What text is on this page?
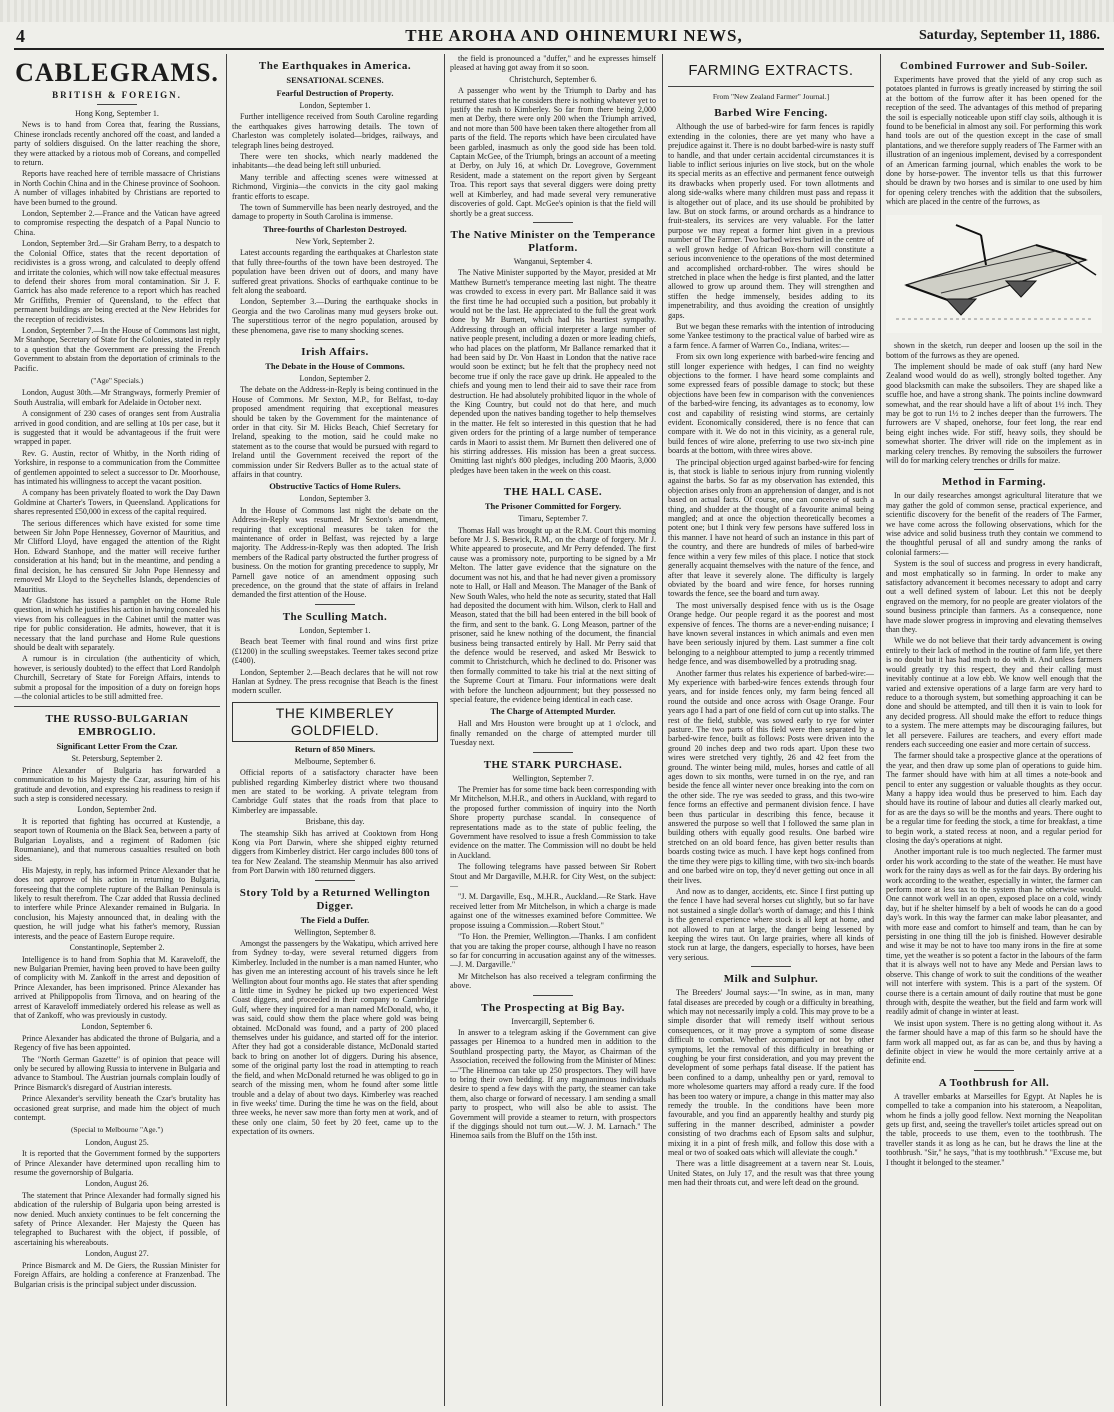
4	THE AROHA AND OHINEMURI NEWS,	Saturday, September 11, 1886.
CABLEGRAMS.
BRITISH & FOREIGN.

Hong Kong, September 1.

News is to hand from Corea that, fearing the Russians, Chinese ironclads recently anchored off the coast, and landed a party of soldiers disguised. On the latter reaching the shore, they were attacked by a riotous mob of Coreans, and compelled to return.

Reports have reached here of terrible massacre of Christians in North Cochin China and in the Chinese province of Soohoon. A number of villages inhabited by Christians are reported to have been burned to the ground.

London, September 2.—France and the Vatican have agreed to compromise respecting the despatch of a Papal Nuncio to China.

London, September 3rd.—Sir Graham Berry, to a despatch to the Colonial Office, states that the recent deportation of recidivistes is a gross wrong, and calculated to deeply offend and irritate the colonies, which will now take effectual measures to defend their shores from moral contamination. Sir J. F. Garrick has also made reference to a report which has reached Mr Griffiths, Premier of Queensland, to the effect that permanent buildings are being erected at the New Hebrides for the reception of recidivistes.

London, September 7.—In the House of Commons last night, Mr Stanhope, Secretary of State for the Colonies, stated in reply to a question that the Government are pressing the French Government to abstain from the deportation of criminals to the Pacific.

("Age" Specials.)

London, August 30th.—Mr Strangways, formerly Premier of South Australia, will embark for Adelaide in October next.

A consignment of 230 cases of oranges sent from Australia arrived in good condition, and are selling at 10s per case, but it is suggested that it would be advantageous if the fruit were wrapped in paper.

Rev. G. Austin, rector of Whitby, in the North riding of Yorkshire, in response to a communication from the Committee of gentlemen appointed to select a successor to Dr. Moorhouse, has intimated his willingness to accept the vacant position.

A company has been privately floated to work the Day Dawn Goldmine at Charter's Towers, in Queensland. Applications for shares represented £50,000 in excess of the capital required.

The serious differences which have existed for some time between Sir John Pope Hennessey, Governor of Mauritius, and Mr Clifford Lloyd, have engaged the attention of the Right Hon. Edward Stanhope, and the matter will receive further consideration at his hand; but in the meantime, and pending a final decision, he has censured Sir John Pope Hennessy and removed Mr Lloyd to the Seychelles Islands, dependencies of Mauritius.

Mr Gladstone has issued a pamphlet on the Home Rule question, in which he justifies his action in having concealed his views from his colleagues in the Cabinet until the matter was ripe for public consideration. He admits, however, that it is necessary that the land purchase and Home Rule questions should be dealt with separately.

A rumour is in circulation (the authenticity of which, however, is seriously doubted) to the effect that Lord Randolph Churchill, Secretary of State for Foreign Affairs, intends to submit a proposal for the imposition of a duty on foreign hops—the colonial articles to be still admitted free.

THE RUSSO-BULGARIAN EMBROGLIO.
Significant Letter From the Czar.

St. Petersburg, September 2.

Prince Alexander of Bulgaria has forwarded a communication to his Majesty the Czar, assuring him of his gratitude and devotion, and expressing his readiness to resign if such a step is considered necessary.

London, September 2nd.

It is reported that fighting has occurred at Kustendje, a seaport town of Roumenia on the Black Sea, between a party of Bulgarian Loyalists, and a regiment of Radomen (sic Roumaniane), and that numerous casualties resulted on both sides.

His Majesty, in reply, has informed Prince Alexander that he does not approve of his action in returning to Bulgaria, foreseeing that the complete rupture of the Balkan Peninsula is likely to result therefrom. The Czar added that Russia declined to interfere while Prince Alexander remained in Bulgaria. In conclusion, his Majesty announced that, in dealing with the question, he will judge what his father's memory, Russian interests, and the peace of Eastern Europe require.

Constantinople, September 2.

Intelligence is to hand from Sophia that M. Karaveloff, the new Bulgarian Premier, having been proved to have been guilty of complicity with M. Zankoff in the arrest and deposition of Prince Alexander, has been imprisoned. Prince Alexander has arrived at Philippopolis from Tirnova, and on hearing of the arrest of Karaveloff immediately ordered his release as well as that of Zankoff, who was previously in custody.

London, September 6.

Prince Alexander has abdicated the throne of Bulgaria, and a Regency of five has been appointed.

The "North German Gazette" is of opinion that peace will only be secured by allowing Russia to intervene in Bulgaria and advance to Stamboul. The Austrian journals complain loudly of Prince Bismarck's disregard of Austrian interests.

Prince Alexander's servility beneath the Czar's brutality has occasioned great surprise, and made him the object of much contempt.

(Special to Melbourne "Age.")

London, August 25.

It is reported that the Government formed by the supporters of Prince Alexander have determined upon recalling him to resume the governorship of Bulgaria.

London, August 26.

The statement that Prince Alexander had formally signed his abdication of the rulership of Bulgaria upon being arrested is now denied. Much anxiety continues to be felt concerning the safety of Prince Alexander. Her Majesty the Queen has telegraphed to Bucharest with the object, if possible, of ascertaining his whereabouts.

London, August 27.

Prince Bismarck and M. De Giers, the Russian Minister for Foreign Affairs, are holding a conference at Franzenbad. The Bulgarian crisis is the principal subject under discussion.

The Earthquakes in America.
SENSATIONAL SCENES.
Fearful Destruction of Property.

London, September 1.

Further intelligence received from South Caroline regarding the earthquakes gives harrowing details. The town of Charleston was completely isolated—bridges, railways, and telegraph lines being destroyed.

There were ten shocks, which nearly maddened the inhabitants—the dead being left still unburied.

Many terrible and affecting scenes were witnessed at Richmond, Virginia—the convicts in the city gaol making frantic efforts to escape.

The town of Summerville has been nearly destroyed, and the damage to property in South Carolina is immense.

Three-fourths of Charleston Destroyed.

New York, September 2.

Latest accounts regarding the earthquakes at Charleston state that fully three-fourths of the town have been destroyed. The population have been driven out of doors, and many have suffered great privations. Shocks of earthquake continue to be felt along the seaboard.

London, September 3.—During the earthquake shocks in Georgia and the two Carolinas many mud geysers broke out. The superstitious terror of the negro population, aroused by these phenomena, gave rise to many shocking scenes.

Irish Affairs.
The Debate in the House of Commons.

London, September 2.

The debate on the Address-in-Reply is being continued in the House of Commons. Mr Sexton, M.P., for Belfast, to-day proposed amendment requiring that exceptional measures should be taken by the Government for the maintenance of order in that city. Sir M. Hicks Beach, Chief Secretary for Ireland, speaking to the motion, said he could make no statement as to the course that would be pursued with regard to Ireland until the Government received the report of the commission under Sir Redvers Buller as to the actual state of affairs in that country.

Obstructive Tactics of Home Rulers.

London, September 3.

In the House of Commons last night the debate on the Address-in-Reply was resumed. Mr Sexton's amendment, requiring that exceptional measures be taken for the maintenance of order in Belfast, was rejected by a large majority. The Address-in-Reply was then adopted. The Irish members of the Radical party obstructed the further progress of business. On the motion for granting precedence to supply, Mr Parnell gave notice of an amendment opposing such precedence, on the ground that the state of affairs in Ireland demanded the first attention of the House.

The Sculling Match.

London, September 1.

Beach beat Teemer with final round and wins first prize (£1200) in the sculling sweepstakes. Teemer takes second prize (£400).

London, September 2.—Beach declares that he will not row Hanlan at Sydney. The press recognise that Beach is the finest modern sculler.

THE KIMBERLEY GOLDFIELD.
Return of 850 Miners.

Melbourne, September 6.

Official reports of a satisfactory character have been published regarding Kimberley district where two thousand men are stated to be working. A private telegram from Cambridge Gulf states that the roads from that place to Kimberley are impassable.

Brisbane, this day.

The steamship Sikh has arrived at Cooktown from Hong Kong via Port Darwin, where she shipped eighty returned diggers from Kimberley district. Her cargo includes 800 tons of tea for New Zealand. The steamship Menmuir has also arrived from Port Darwin with 180 returned diggers.

Story Told by a Returned Wellington Digger.
The Field a Duffer.

Wellington, September 8.

Amongst the passengers by the Wakatipu, which arrived here from Sydney to-day, were several returned diggers from Kimberley. Included in the number is a man named Hunter, who has given me an interesting account of his travels since he left Wellington about four months ago. He states that after spending a little time in Sydney he picked up two experienced West Coast diggers, and proceeded in their company to Cambridge Gulf, where they inquired for a man named McDonald, who, it was said, could show them the place where gold was being obtained. McDonald was found, and a party of 200 placed themselves under his guidance, and started off for the interior. After they had got a considerable distance, McDonald started back to bring on another lot of diggers. During his absence, some of the original party lost the road in attempting to reach the field, and when McDonald returned he was obliged to go in search of the missing men, whom he found after some little trouble and a delay of about two days. Kimberley was reached in five weeks' time. During the time he was on the field, about three weeks, he never saw more than forty men at work, and of these only one claim, 50 feet by 20 feet, came up to the expectation of its owners.

the field is pronounced a "duffer," and he expresses himself pleased at having got away from it so soon.

Christchurch, September 6.

A passenger who went by the Triumph to Darby and has returned states that he considers there is nothing whatever yet to justify the rush to Kimberley. So far from there being 2,000 men at Derby, there were only 200 when the Triumph arrived, and not more than 500 have been taken there altogether from all parts of the field. The reports which have been circulated have been garbled, inasmuch as only the good side has been told. Captain McGee, of the Triumph, brings an account of a meeting at Derby, on July 16, at which Dr. Lovegrove, Government Resident, made a statement on the report given by Sergeant Troa. This report says that several diggers were doing pretty well at Kimberley, and had made several very remunerative discoveries of gold. Capt. McGee's opinion is that the field will shortly be a great success.

The Native Minister on the Temperance Platform.

Wanganui, September 4.

The Native Minister supported by the Mayor, presided at Mr Matthew Burnett's temperance meeting last night. The theatre was crowded to excess in every part. Mr Ballance said it was the first time he had occupied such a position, but probably it would not be the last. He appreciated to the full the great work done by Mr Burnett, which had his heartiest sympathy. Addressing through an official interpreter a large number of native people present, including a dozen or more leading chiefs, who had places on the platform, Mr Ballance remarked that it had been said by Dr. Von Haast in London that the native race would soon be extinct; but he felt that the prophecy need not become true if only the race gave up drink. He appealed to the chiefs and young men to lend their aid to save their race from destruction. He had absolutely prohibited liquor in the whole of the King Country, but could not do that here, and much depended upon the natives banding together to help themselves in the matter. He felt so interested in this question that he had given orders for the printing of a large number of temperance cards in Maori to assist them. Mr Burnett then delivered one of his stirring addresses. His mission has been a great success. Omitting last night's 800 pledges, including 200 Maoris, 3,000 pledges have been taken in the week on this coast.

THE HALL CASE.
The Prisoner Committed for Forgery.

Timaru, September 7.

Thomas Hall was brought up at the R.M. Court this morning before Mr J. S. Beswick, R.M., on the charge of forgery. Mr J. White appeared to prosecute, and Mr Perry defended. The first cause was a promissory note, purporting to be signed by a Mr Melton. The latter gave evidence that the signature on the document was not his, and that he had never given a promissory note to Hall, or Hall and Meason. The Manager of the Bank of New South Wales, who held the note as security, stated that Hall had deposited the document with him. Wilson, clerk to Hall and Meason, stated that the bill had been entered in the bill book of the firm, and sent to the bank. G. Long Meason, partner of the prisoner, said he knew nothing of the document, the financial business being transacted entirely by Hall. Mr Perry said that the defence would be reserved, and asked Mr Beswick to commit to Christchurch, which he declined to do. Prisoner was then formally committed to take his trial at the next sitting of the Supreme Court at Timaru. Four informations were dealt with before the luncheon adjournment; but they possessed no special feature, the evidence being identical in each case.

The Charge of Attempted Murder.

Hall and Mrs Houston were brought up at 1 o'clock, and finally remanded on the charge of attempted murder till Tuesday next.

THE STARK PURCHASE.

Wellington, September 7.

The Premier has for some time back been corresponding with Mr Mitchelson, M.H.R., and others in Auckland, with regard to the proposed further commission of inquiry into the North Shore property purchase scandal. In consequence of representations made as to the state of public feeling, the Government have resolved to issue a fresh Commission to take evidence on the matter. The Commission will no doubt be held in Auckland.

The following telegrams have passed between Sir Robert Stout and Mr Dargaville, M.H.R. for City West, on the subject:—

"J. M. Dargaville, Esq., M.H.R., Auckland.—Re Stark. Have received letter from Mr Mitchelson, in which a charge is made against one of the witnesses examined before Committee. We propose issuing a Commission.—Robert Stout."

"To Hon. the Premier, Wellington.—Thanks. I am confident that you are taking the proper course, although I have no reason so far for concurring in accusation against any of the witnesses.—J. M. Dargaville."

Mr Mitchelson has also received a telegram confirming the above.

The Prospecting at Big Bay.

Invercargill, September 6.

In answer to a telegram asking if the Government can give passages per Hinemoa to a hundred men in addition to the Southland prospecting party, the Mayor, as Chairman of the Association, received the following from the Minister of Mines:—"The Hinemoa can take up 250 prospectors. They will have to bring their own bedding. If any magnanimous individuals desire to spend a few days with the party, the steamer can take them, also charge or forward of necessary. I am sending a small party to prospect, who will also be able to assist. The Government will provide a steamer to return, with prospectors if the diggings should not turn out.—W. J. M. Larnach." The Hinemoa sails from the Bluff on the 15th inst.

FARMING EXTRACTS.

From "New Zealand Farmer" Journal.]

Barbed Wire Fencing.

Although the use of barbed-wire for farm fences is rapidly extending in the colonies, there are yet many who have a prejudice against it. There is no doubt barbed-wire is nasty stuff to handle, and that under certain accidental circumstances it is liable to inflict serious injuries on live stock, but on the whole its special merits as an effective and permanent fence outweigh its drawbacks when properly used. For town allotments and along side-walks where many children must pass and repass it is altogether out of place, and its use should be prohibited by law. But on stock farms, or around orchards as a hindrance to fruit-stealers, its services are very valuable. For the latter purpose we may repeat a former hint given in a previous number of The Farmer. Two barbed wires buried in the centre of a well grown hedge of African Box-thorn will constitute a serious inconvenience to the operations of the most determined and accomplished orchard-robber. The wires should be stretched in place when the hedge is first planted, and the latter allowed to grow up around them. They will strengthen and stiffen the hedge immensely, besides adding to its impenetrability, and thus avoiding the creation of unsightly gaps.

But we began these remarks with the intention of introducing some Yankee testimony to the practical value of barbed wire as a farm fence. A farmer of Warren Co., Indiana, writes:—

From six own long experience with barbed-wire fencing and still longer experience with hedges, I can find no weighty objections to the former. I have heard some complaints and some expressed fears of possible damage to stock; but these objections have been few in comparison with the conveniences of the barbed-wire fencing, its advantages as to economy, low cost and capability of resisting wind storms, are certainly evident. Economically considered, there is no fence that can compare with it. We do not in this vicinity, as a general rule, build fences of wire alone, preferring to use two six-inch pine boards at the bottom, with three wires above.

The principal objection urged against barbed-wire for fencing is, that stock is liable to serious injury from running violently against the barbs. So far as my observation has extended, this objection arises only from an apprehension of danger, and is not based on actual facts. Of course, one can conceive of such a thing, and shudder at the thought of a favourite animal being mangled; and at once the objection theoretically becomes a potent one; but I think very few persons have suffered loss in this manner. I have not heard of such an instance in this part of the country, and there are hundreds of miles of barbed-wire fence within a very few miles of this place. I notice that stock generally acquaint themselves with the nature of the fence, and after that leave it severely alone. The difficulty is largely obviated by the board and wire fence, for horses running towards the fence, see the board and turn away.

The most universally despised fence with us is the Osage Orange hedge. Our people regard it as the poorest and most expensive of fences. The thorns are a never-ending nuisance; I have known several instances in which animals and even men have been seriously injured by them. Last summer a fine colt belonging to a neighbour attempted to jump a recently trimmed hedge fence, and was disembowelled by a protruding snag.

Another farmer thus relates his experience of barbed-wire:—My experience with barbed-wire fences extends through four years, and for inside fences only, my farm being fenced all round the outside and once across with Osage Orange. Four years ago I had a part of one field of corn cut up into stalks. The rest of the field, stubble, was sowed early to rye for winter pasture. The two parts of this field were then separated by a barbed-wire fence, built as follows: Posts were driven into the ground 20 inches deep and two rods apart. Upon these two wires were stretched very tightly, 26 and 42 feet from the ground. The winter being mild, mules, horses and cattle of all ages down to six months, were turned in on the rye, and ran beside the fence all winter never once breaking into the corn on the other side. The rye was seeded to grass, and this two-wire fence forms an effective and permanent division fence. I have been thus particular in describing this fence, because it answered the purpose so well that I followed the same plan in building others with equally good results. One barbed wire stretched on an old board fence, has given better results than boards costing twice as much. I have kept hogs confined from the time they were pigs to killing time, with two six-inch boards and one barbed wire on top, they'd never getting out once in all their lives.

And now as to danger, accidents, etc. Since I first putting up the fence I have had several horses cut slightly, but so far have not sustained a single dollar's worth of damage; and this I think is the general experience where stock is all kept at home, and not allowed to run at large, the danger being lessened by keeping the wires taut. On large prairies, where all kinds of stock run at large, the dangers, especially to horses, have been very serious.

Milk and Sulphur.

The Breeders' Journal says:—"In swine, as in man, many fatal diseases are preceded by cough or a difficulty in breathing, which may not necessarily imply a cold. This may prove to be a simple disorder that will remedy itself without serious consequences, or it may prove a symptom of some disease difficult to combat. Whether accompanied or not by other symptoms, let the removal of this difficulty in breathing or coughing be your first consideration, and you may prevent the development of some perhaps fatal disease. If the patient has been confined to a damp, unhealthy pen or yard, removal to more wholesome quarters may afford a ready cure. If the food has been too watery or impure, a change in this matter may also remedy the trouble. In the conditions have been more favourable, and you find an apparently healthy and sturdy pig suffering in the manner described, administer a powder consisting of two drachms each of Epsom salts and sulphur, mixing it in a pint of fresh milk, and follow this dose with a meal or two of soaked oats which will alleviate the cough."

There was a little disagreement at a tavern near St. Louis, United States, on July 17, and the result was that three young men had their throats cut, and were left dead on the ground.

Combined Furrower and Sub-Soiler.

Experiments have proved that the yield of any crop such as potatoes planted in furrows is greatly increased by stirring the soil at the bottom of the furrow after it has been opened for the reception of the seed. The advantages of this method of preparing the soil is especially noticeable upon stiff clay soils, although it is found to be beneficial in almost any soil. For performing this work hand tools are out of the question except in the case of small plantations, and we therefore supply readers of The Farmer with an illustration of an ingenious implement, devised by a correspondent of an American farming journal, which enables the work to be done by horse-power. The inventor tells us that this furrower should be drawn by two horses and is similar to one used by him for opening celery trenches with the addition that the subsoilers, which are placed in the centre of the furrows, as

shown in the sketch, run deeper and loosen up the soil in the bottom of the furrows as they are opened.

The implement should be made of oak stuff (any hard New Zealand wood would do as well), strongly bolted together. Any good blacksmith can make the subsoilers. They are shaped like a scuffle hoe, and have a strong shank. The points incline downward somewhat, and the rear should have a lift of about 1½ inch. They may be got to run 1½ to 2 inches deeper than the furrowers. The furrowers are V shaped, onehorse, four feet long, the rear end being eight inches wide. For stiff, heavy soils, they should be somewhat shorter. The driver will ride on the implement as in marking celery trenches. By removing the subsoilers the furrower will do for marking celery trenches or drills for maize.

Method in Farming.

In our daily researches amongst agricultural literature that we may gather the gold of common sense, practical experience, and scientific discovery for the benefit of the readers of The Farmer, we have come across the following observations, which for the wise advice and solid business truth they contain we commend to the thoughtful perusal of all and sundry among the ranks of colonial farmers:—

System is the soul of success and progress in every handicraft, and most emphatically so in farming. In order to make any satisfactory advancement it becomes necessary to adopt and carry out a well defined system of labour. Let this not be deeply engraved on the memory, for no people are greater violators of the sound business principle than farmers. As a consequence, none have made slower progress in improving and elevating themselves than they.

While we do not believe that their tardy advancement is owing entirely to their lack of method in the routine of farm life, yet there is no doubt but it has had much to do with it. And unless farmers would greatly try this respect, they and their calling must inevitably continue at a low ebb. We know well enough that the varied and extensive operations of a large farm are very hard to reduce to a thorough system, but something approaching it can be done and should be attempted, and till then it is vain to look for any decided progress. All should make the effort to reduce things to a system. The mere attempts may be discouraging failures, but let all persevere. Failures are teachers, and every effort made renders each succeeding one easier and more certain of success.

The farmer should take a prospective glance at the operations of the year, and then draw up some plan of operations to guide him. The farmer should have with him at all times a note-book and pencil to enter any suggestion or valuable thoughts as they occur. Many a happy idea would thus be preserved to him. Each day should have its routine of labour and duties all clearly marked out, for as are the days so will be the months and years. There ought to be a regular time for feeding the stock, a time for breakfast, a time to begin work, a stated recess at noon, and a regular period for closing the day's operations at night.

Another important rule is too much neglected. The farmer must order his work according to the state of the weather. He must have work for the rainy days as well as for the fair days. By ordering his work according to the weather, especially in winter, the farmer can perform more at less tax to the system than he otherwise would. One cannot work well in an open, exposed place on a cold, windy day, but if he shelter himself by a belt of woods he can do a good day's work. In this way the farmer can make labor pleasanter, and with more ease and comfort to himself and team, than he can by persisting in one thing till the job is finished. However desirable and wise it may be not to have too many irons in the fire at some time, yet the weather is so potent a factor in the labours of the farm that it is always well not to have any Mede and Persian laws to observe. This change of work to suit the conditions of the weather will not interfere with system. This is a part of the system. Of course there is a certain amount of daily routine that must be gone through with, despite the weather, but the field and farm work will readily admit of change in winter at least.

We insist upon system. There is no getting along without it. As the farmer should have a map of this farm so he should have the farm work all mapped out, as far as can be, and thus by having a definite object in view he would the more certainly arrive at a definite end.

A Toothbrush for All.

A traveller embarks at Marseilles for Egypt. At Naples he is compelled to take a companion into his stateroom, a Neapolitan, whom he finds a jolly good fellow. Next morning the Neapolitan gets up first, and, seeing the traveller's toilet articles spread out on the table, proceeds to use them, even to the toothbrush. The traveller stands it as long as he can, but he draws the line at the toothbrush. "Sir," he says, "that is my toothbrush." "Excuse me, but I thought it belonged to the steamer."
